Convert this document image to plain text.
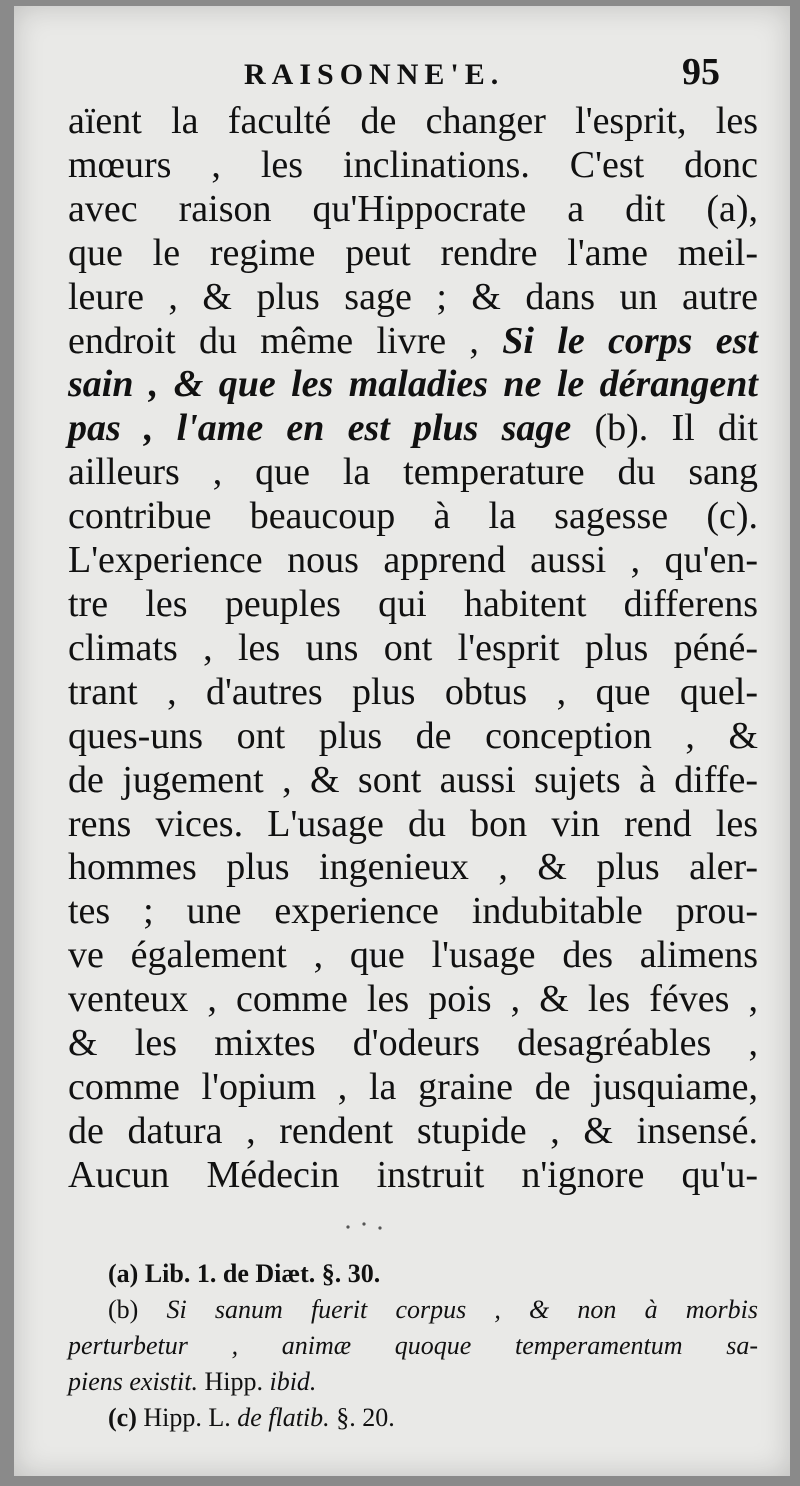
RAISONNE'E.	95
aïent la faculté de changer l'esprit, les
mœurs , les inclinations. C'est donc
avec raison qu'Hippocrate a dit (a),
que le regime peut rendre l'ame meil-
leure , & plus sage ; & dans un autre
endroit du même livre , Si le corps est
sain , & que les maladies ne le dérangent
pas , l'ame en est plus sage (b). Il dit
ailleurs , que la temperature du sang
contribue beaucoup à la sagesse (c).
L'experience nous apprend aussi , qu'en-
tre les peuples qui habitent differens
climats , les uns ont l'esprit plus péné-
trant , d'autres plus obtus , que quel-
ques-uns ont plus de conception , &
de jugement , & sont aussi sujets à diffe-
rens vices. L'usage du bon vin rend les
hommes plus ingenieux , & plus aler-
tes ; une experience indubitable prou-
ve également , que l'usage des alimens
venteux , comme les pois , & les féves ,
& les mixtes d'odeurs desagréables ,
comme l'opium , la graine de jusquiame,
de datura , rendent stupide , & insensé.
Aucun Médecin instruit n'ignore qu'u-
(a) Lib. 1. de Diæt. §. 30.
(b) Si sanum fuerit corpus , & non à morbis
perturbetur , animæ quoque temperamentum sa-
piens existit. Hipp. ibid.
(c) Hipp. L. de flatib. §. 20.
